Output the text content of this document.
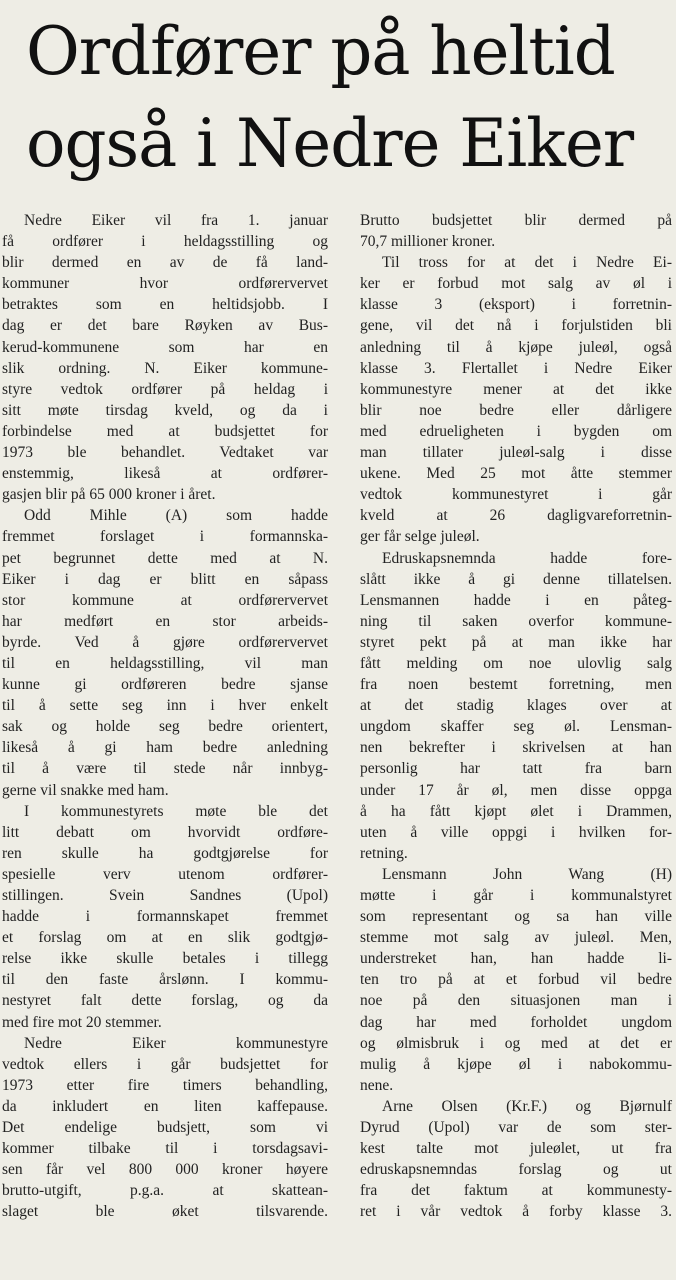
Ordfører på heltid
også i Nedre Eiker
Nedre Eiker vil fra 1. januar
få ordfører i heldagsstilling og
blir dermed en av de få land-
kommuner hvor ordførervervet
betraktes som en heltidsjobb. I
dag er det bare Røyken av Bus-
kerud-kommunene som har en
slik ordning. N. Eiker kommune-
styre vedtok ordfører på heldag i
sitt møte tirsdag kveld, og da i
forbindelse med at budsjettet for
1973 ble behandlet. Vedtaket var
enstemmig, likeså at ordfører-
gasjen blir på 65 000 kroner i året.
Odd Mihle (A) som hadde
fremmet forslaget i formannskа-
pet begrunnet dette med at N.
Eiker i dag er blitt en såpass
stor kommune at ordførervervet
har medført en stor arbeids-
byrde. Ved å gjøre ordførervervet
til en heldagsstilling, vil man
kunne gi ordføreren bedre sjanse
til å sette seg inn i hver enkelt
sak og holde seg bedre orientert,
likeså å gi ham bedre anledning
til å være til stede når innbyg-
gerne vil snakke med ham.
I kommunestyrets møte ble det
litt debatt om hvorvidt ordføre-
ren skulle ha godtgjørelse for
spesielle verv utenom ordfører-
stillingen. Svein Sandnes (Upol)
hadde i formannskapet fremmet
et forslag om at en slik godtgjø-
relse ikke skulle betales i tillegg
til den faste årslønn. I kommu-
nestyret falt dette forslag, og da
med fire mot 20 stemmer.
Nedre Eiker kommunestyre
vedtok ellers i går budsjettet for
1973 etter fire timers behandling,
da inkludert en liten kaffepause.
Det endelige budsjett, som vi
kommer tilbake til i torsdagsavi-
sen får vel 800 000 kroner høyere
brutto-utgift, p.g.a. at skattean-
slaget ble øket tilsvarende.
Brutto budsjettet blir dermed på
70,7 millioner kroner.
Til tross for at det i Nedre Ei-
ker er forbud mot salg av øl i
klasse 3 (eksport) i forretnin-
gene, vil det nå i forjulstiden bli
anledning til å kjøpe juleøl, også
klasse 3. Flertallet i Nedre Eiker
kommunestyre mener at det ikke
blir noe bedre eller dårligere
med edrueligheten i bygden om
man tillater juleøl-salg i disse
ukene. Med 25 mot åtte stemmer
vedtok kommunestyret i går
kveld at 26 dagligvareforretnin-
ger får selge juleøl.
Edruskapsnemnda hadde fore-
slått ikke å gi denne tillatelsen.
Lensmannen hadde i en påteg-
ning til saken overfor kommune-
styret pekt på at man ikke har
fått melding om noe ulovlig salg
fra noen bestemt forretning, men
at det stadig klages over at
ungdom skaffer seg øl. Lensman-
nen bekrefter i skrivelsen at han
personlig har tatt fra barn
under 17 år øl, men disse oppga
å ha fått kjøpt ølet i Drammen,
uten å ville oppgi i hvilken for-
retning.
Lensmann John Wang (H)
møtte i går i kommunalstyret
som representant og sa han ville
stemme mot salg av juleøl. Men,
understreket han, han hadde li-
ten tro på at et forbud vil bedre
noe på den situasjonen man i
dag har med forholdet ungdom
og ølmisbruk i og med at det er
mulig å kjøpe øl i nabokommu-
nene.
Arne Olsen (Kr.F.) og Bjørnulf
Dyrud (Upol) var de som ster-
kest talte mot juleølet, ut fra
edruskapsnemndas forslag og ut
fra det faktum at kommunesty-
ret i vår vedtok å forby klasse 3.
